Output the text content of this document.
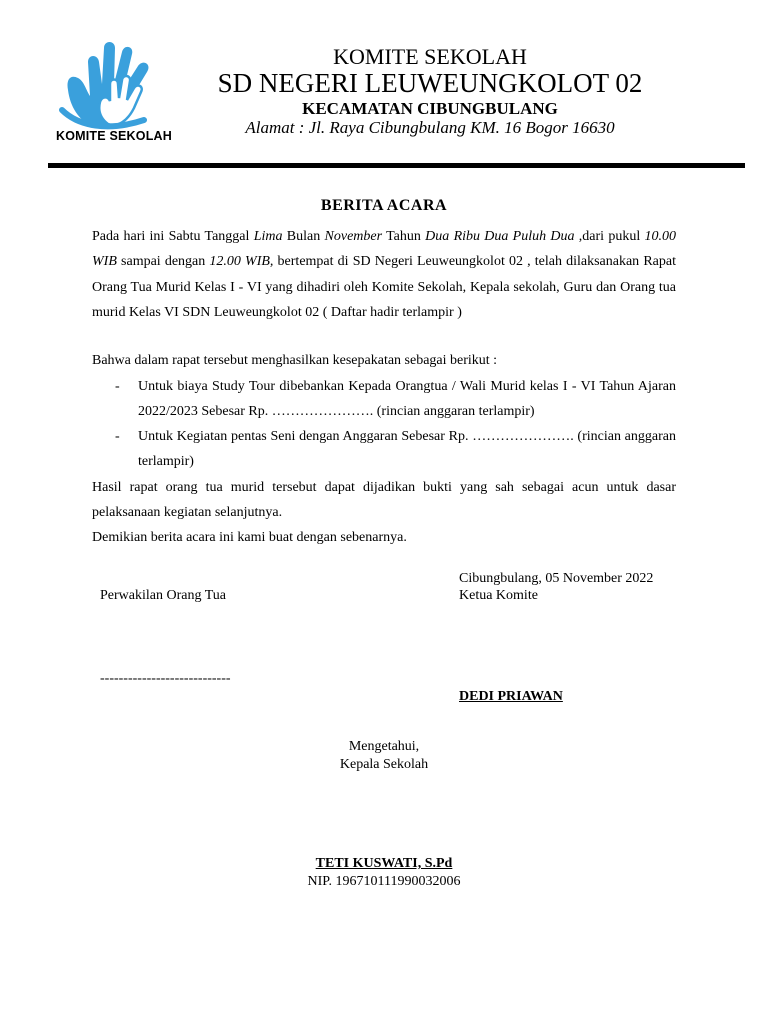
KOMITE SEKOLAH
KOMITE SEKOLAH
SD NEGERI LEUWEUNGKOLOT 02
KECAMATAN CIBUNGBULANG
Alamat : Jl. Raya Cibungbulang KM. 16 Bogor 16630
BERITA ACARA
Pada hari ini Sabtu Tanggal Lima Bulan November Tahun Dua Ribu Dua Puluh Dua ,dari pukul 10.00 WIB sampai dengan 12.00 WIB, bertempat di SD Negeri Leuweungkolot 02 , telah dilaksanakan Rapat Orang Tua Murid Kelas I - VI yang dihadiri oleh Komite Sekolah, Kepala sekolah, Guru dan Orang tua murid Kelas VI SDN Leuweungkolot 02 ( Daftar hadir terlampir )
Bahwa dalam rapat tersebut menghasilkan kesepakatan sebagai berikut :
- Untuk biaya Study Tour dibebankan Kepada Orangtua / Wali Murid kelas I - VI Tahun Ajaran 2022/2023 Sebesar Rp. …………………. (rincian anggaran terlampir)
- Untuk Kegiatan pentas Seni dengan Anggaran Sebesar Rp. …………………. (rincian anggaran terlampir)
Hasil rapat orang tua murid tersebut dapat dijadikan bukti yang sah sebagai acun untuk dasar pelaksanaan kegiatan selanjutnya.
Demikian berita acara ini kami buat dengan sebenarnya.
Cibungbulang, 05 November 2022
Ketua Komite
Perwakilan Orang Tua
----------------------------
DEDI PRIAWAN
Mengetahui,
Kepala Sekolah
TETI KUSWATI, S.Pd
NIP. 196710111990032006
